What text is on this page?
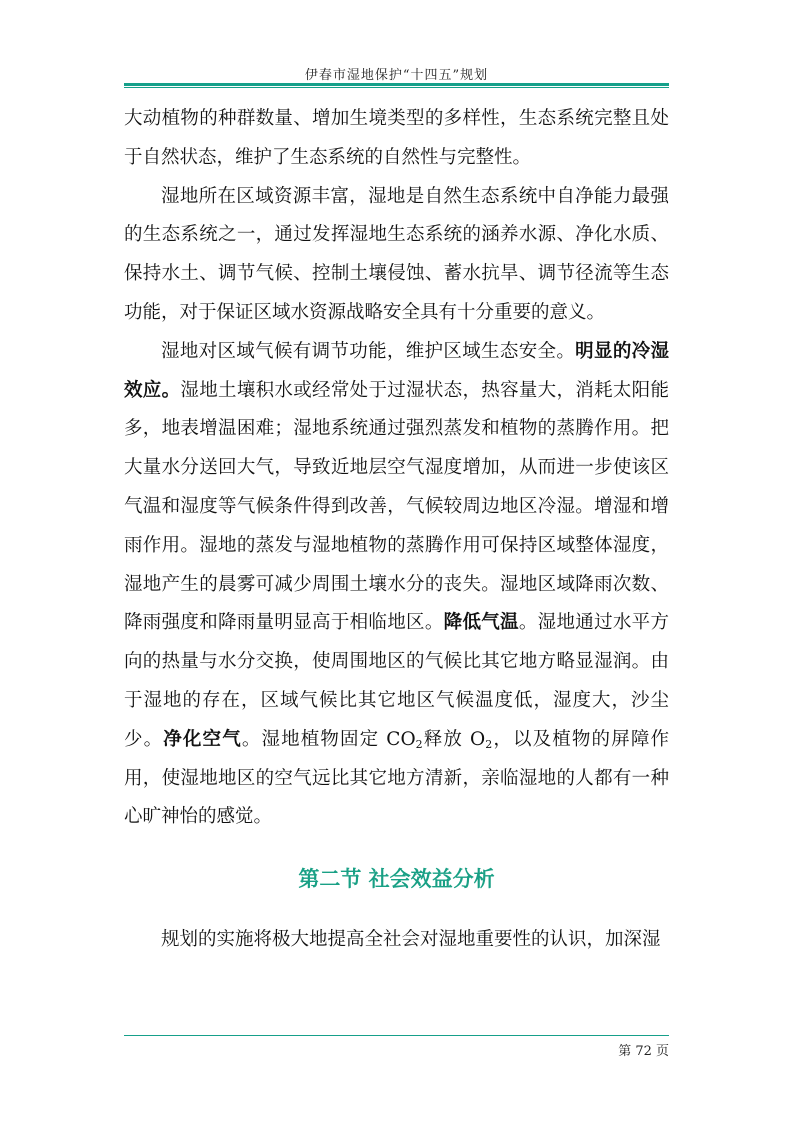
伊春市湿地保护“十四五”规划

大动植物的种群数量、增加生境类型的多样性，生态系统完整且处于自然状态，维护了生态系统的自然性与完整性。

湿地所在区域资源丰富，湿地是自然生态系统中自净能力最强的生态系统之一，通过发挥湿地生态系统的涵养水源、净化水质、保持水土、调节气候、控制土壤侵蚀、蓄水抗旱、调节径流等生态功能，对于保证区域水资源战略安全具有十分重要的意义。

湿地对区域气候有调节功能，维护区域生态安全。明显的冷湿效应。湿地土壤积水或经常处于过湿状态，热容量大，消耗太阳能多，地表增温困难；湿地系统通过强烈蒸发和植物的蒸腾作用。把大量水分送回大气，导致近地层空气湿度增加，从而进一步使该区气温和湿度等气候条件得到改善，气候较周边地区冷湿。增湿和增雨作用。湿地的蒸发与湿地植物的蒸腾作用可保持区域整体湿度，湿地产生的晨雾可减少周围土壤水分的丧失。湿地区域降雨次数、降雨强度和降雨量明显高于相临地区。降低气温。湿地通过水平方向的热量与水分交换，使周围地区的气候比其它地方略显湿润。由于湿地的存在，区域气候比其它地区气候温度低，湿度大，沙尘少。净化空气。湿地植物固定 $CO_2$释放 $O_2$，以及植物的屏障作用，使湿地地区的空气远比其它地方清新，亲临湿地的人都有一种心旷神怡的感觉。

第二节 社会效益分析

规划的实施将极大地提高全社会对湿地重要性的认识，加深湿

第 72 页
